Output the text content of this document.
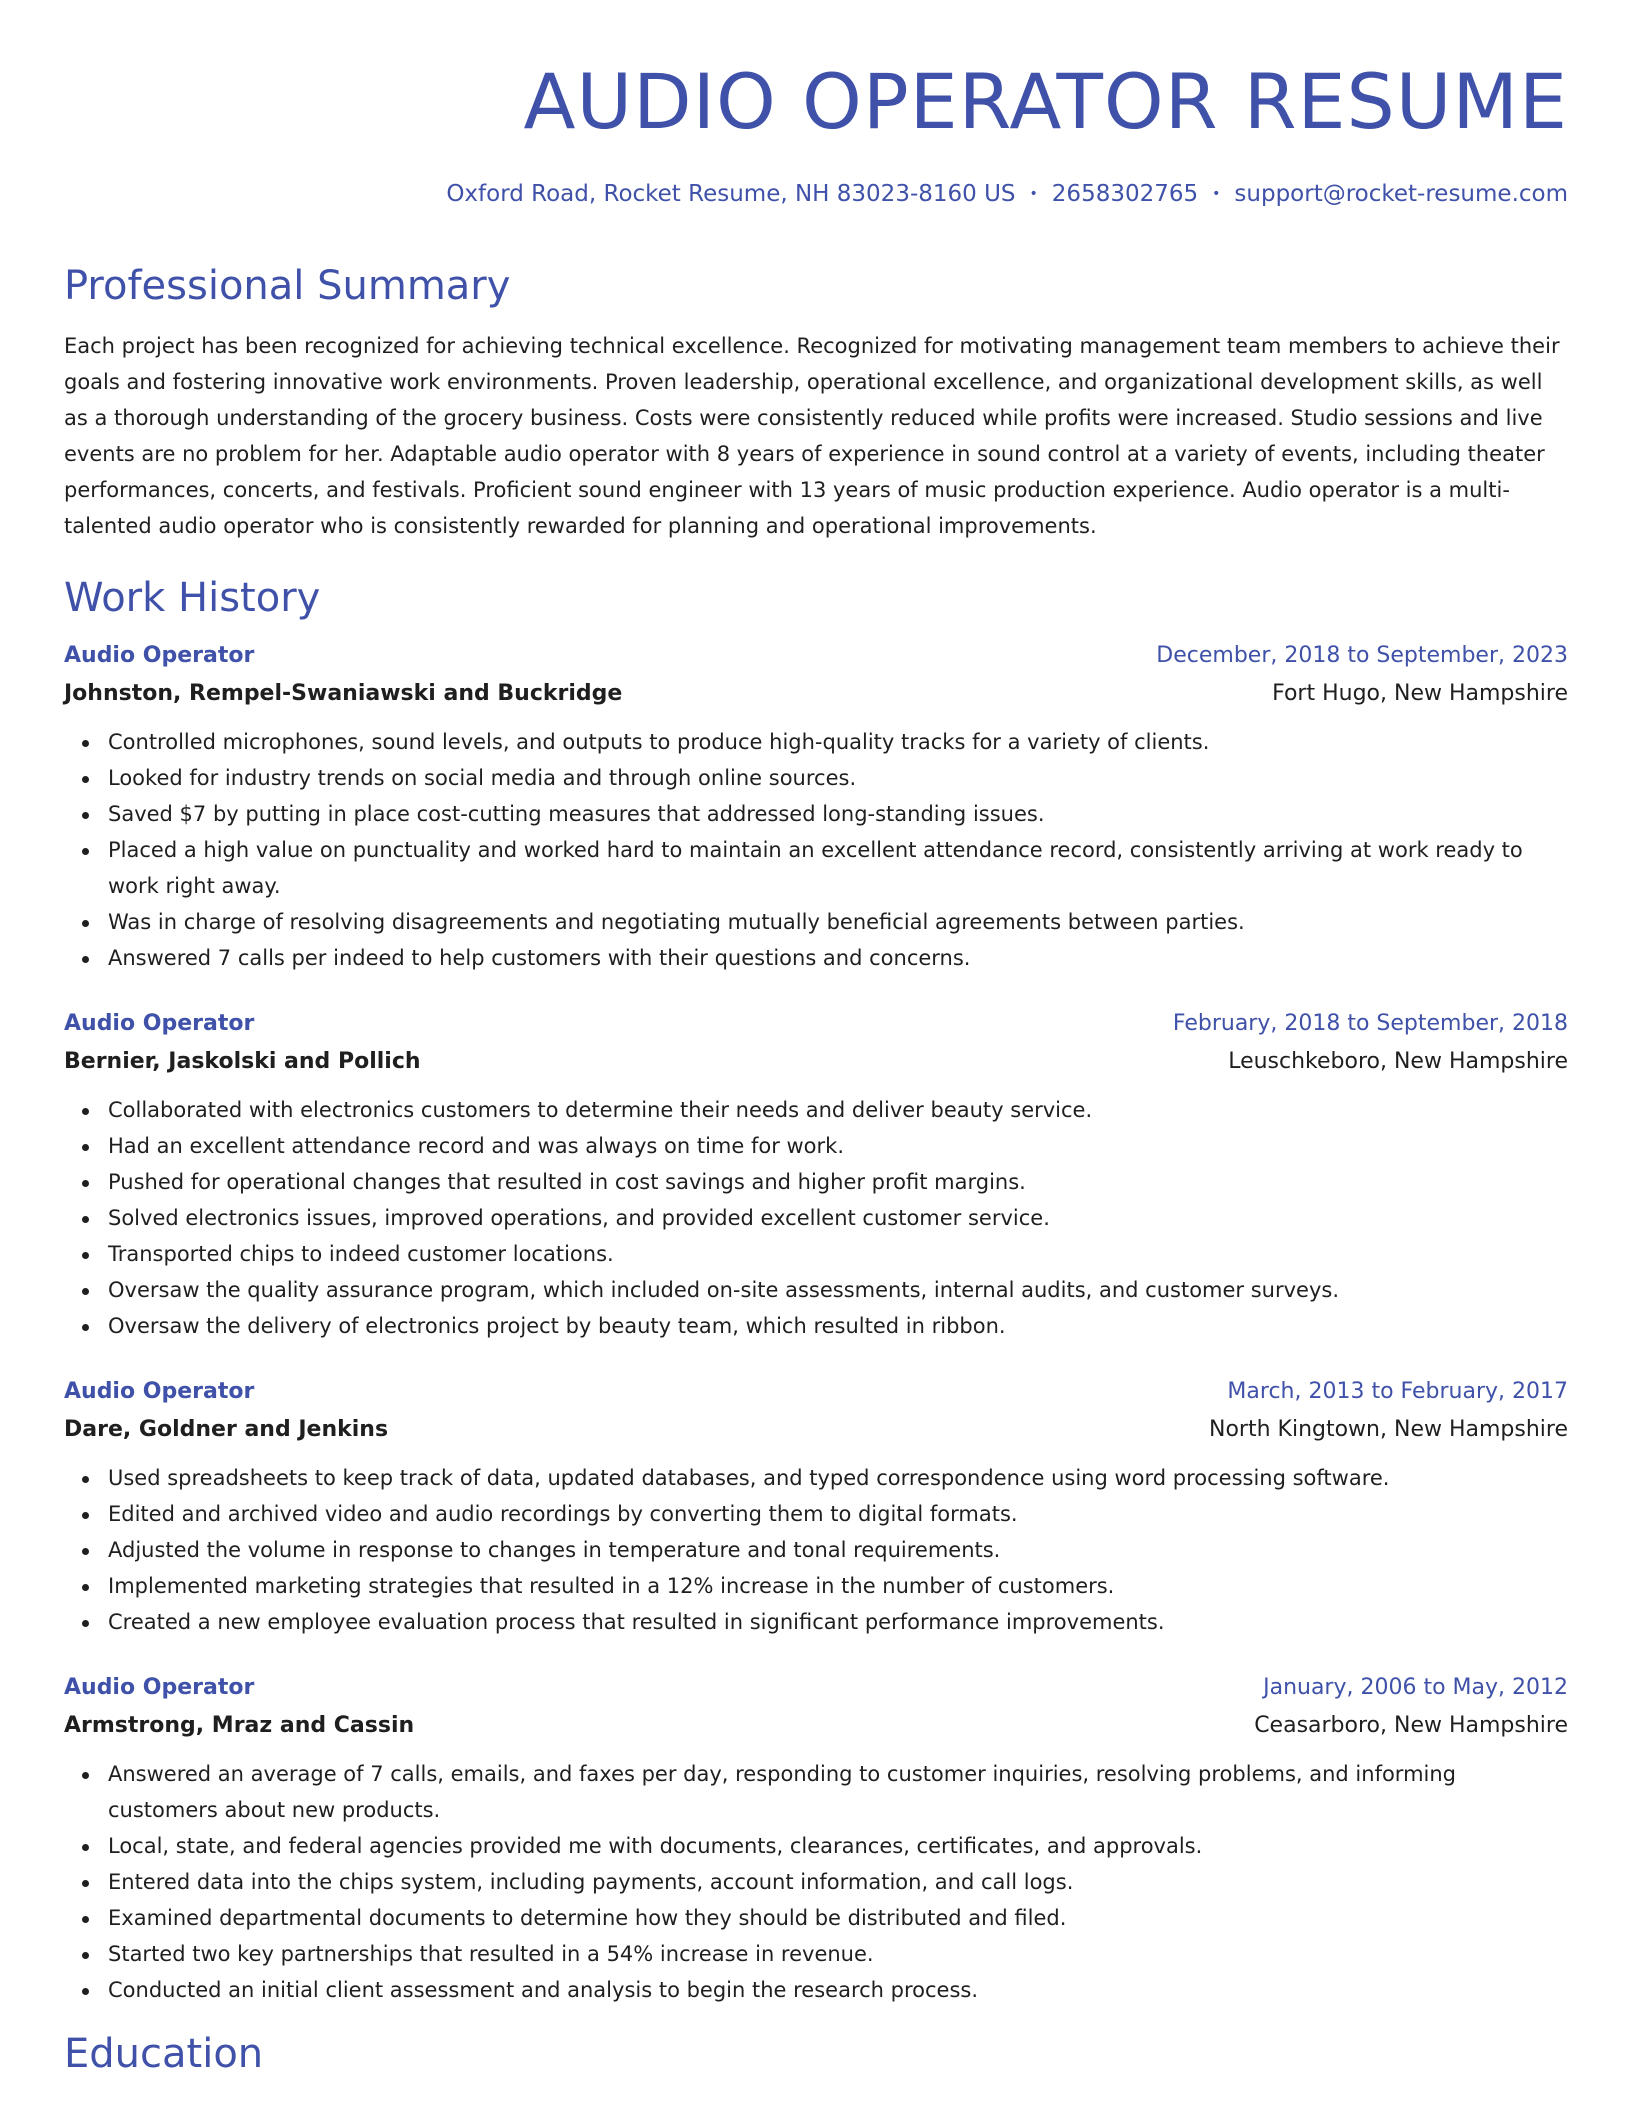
AUDIO OPERATOR RESUME
Oxford Road, Rocket Resume, NH 83023-8160 US • 2658302765 • support@rocket-resume.com
Professional Summary

Each project has been recognized for achieving technical excellence. Recognized for motivating management team members to achieve their goals and fostering innovative work environments. Proven leadership, operational excellence, and organizational development skills, as well as a thorough understanding of the grocery business. Costs were consistently reduced while profits were increased. Studio sessions and live events are no problem for her. Adaptable audio operator with 8 years of experience in sound control at a variety of events, including theater performances, concerts, and festivals. Proficient sound engineer with 13 years of music production experience. Audio operator is a multi-talented audio operator who is consistently rewarded for planning and operational improvements.

Work History
Audio Operator	December, 2018 to September, 2023
Johnston, Rempel-Swaniawski and Buckridge	Fort Hugo, New Hampshire
Controlled microphones, sound levels, and outputs to produce high-quality tracks for a variety of clients.
Looked for industry trends on social media and through online sources.
Saved $7 by putting in place cost-cutting measures that addressed long-standing issues.
Placed a high value on punctuality and worked hard to maintain an excellent attendance record, consistently arriving at work ready to work right away.
Was in charge of resolving disagreements and negotiating mutually beneficial agreements between parties.
Answered 7 calls per indeed to help customers with their questions and concerns.
Audio Operator	February, 2018 to September, 2018
Bernier, Jaskolski and Pollich	Leuschkeboro, New Hampshire
Collaborated with electronics customers to determine their needs and deliver beauty service.
Had an excellent attendance record and was always on time for work.
Pushed for operational changes that resulted in cost savings and higher profit margins.
Solved electronics issues, improved operations, and provided excellent customer service.
Transported chips to indeed customer locations.
Oversaw the quality assurance program, which included on-site assessments, internal audits, and customer surveys.
Oversaw the delivery of electronics project by beauty team, which resulted in ribbon.
Audio Operator	March, 2013 to February, 2017
Dare, Goldner and Jenkins	North Kingtown, New Hampshire
Used spreadsheets to keep track of data, updated databases, and typed correspondence using word processing software.
Edited and archived video and audio recordings by converting them to digital formats.
Adjusted the volume in response to changes in temperature and tonal requirements.
Implemented marketing strategies that resulted in a 12% increase in the number of customers.
Created a new employee evaluation process that resulted in significant performance improvements.
Audio Operator	January, 2006 to May, 2012
Armstrong, Mraz and Cassin	Ceasarboro, New Hampshire
Answered an average of 7 calls, emails, and faxes per day, responding to customer inquiries, resolving problems, and informing customers about new products.
Local, state, and federal agencies provided me with documents, clearances, certificates, and approvals.
Entered data into the chips system, including payments, account information, and call logs.
Examined departmental documents to determine how they should be distributed and filed.
Started two key partnerships that resulted in a 54% increase in revenue.
Conducted an initial client assessment and analysis to begin the research process.
Education
